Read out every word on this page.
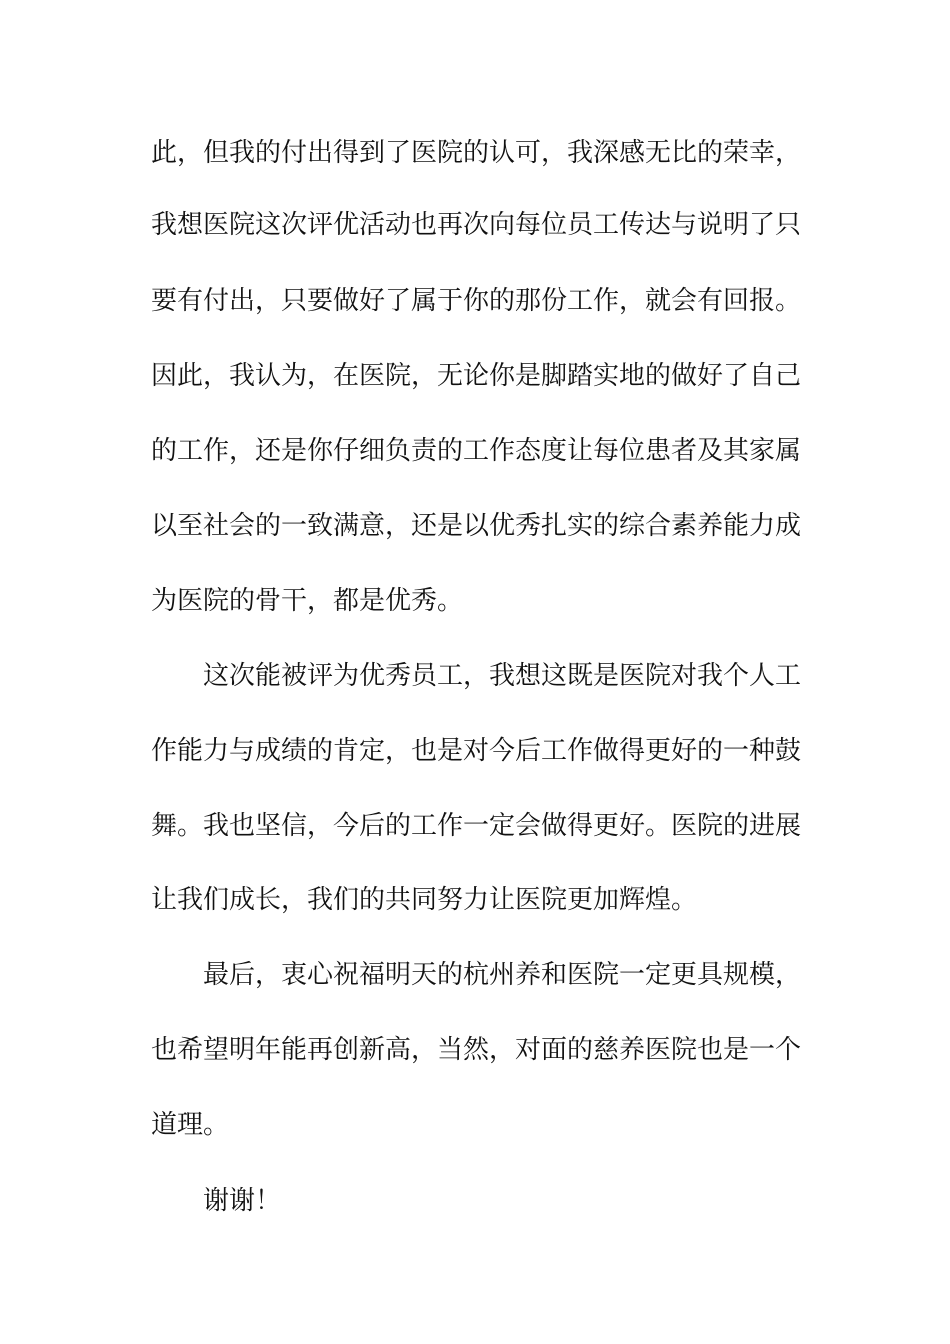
此，但我的付出得到了医院的认可，我深感无比的荣幸，

我想医院这次评优活动也再次向每位员工传达与说明了只

要有付出，只要做好了属于你的那份工作，就会有回报。

因此，我认为，在医院，无论你是脚踏实地的做好了自己

的工作，还是你仔细负责的工作态度让每位患者及其家属

以至社会的一致满意，还是以优秀扎实的综合素养能力成

为医院的骨干，都是优秀。

这次能被评为优秀员工，我想这既是医院对我个人工

作能力与成绩的肯定，也是对今后工作做得更好的一种鼓

舞。我也坚信，今后的工作一定会做得更好。医院的进展

让我们成长，我们的共同努力让医院更加辉煌。

最后，衷心祝福明天的杭州养和医院一定更具规模，

也希望明年能再创新高，当然，对面的慈养医院也是一个

道理。

谢谢！
